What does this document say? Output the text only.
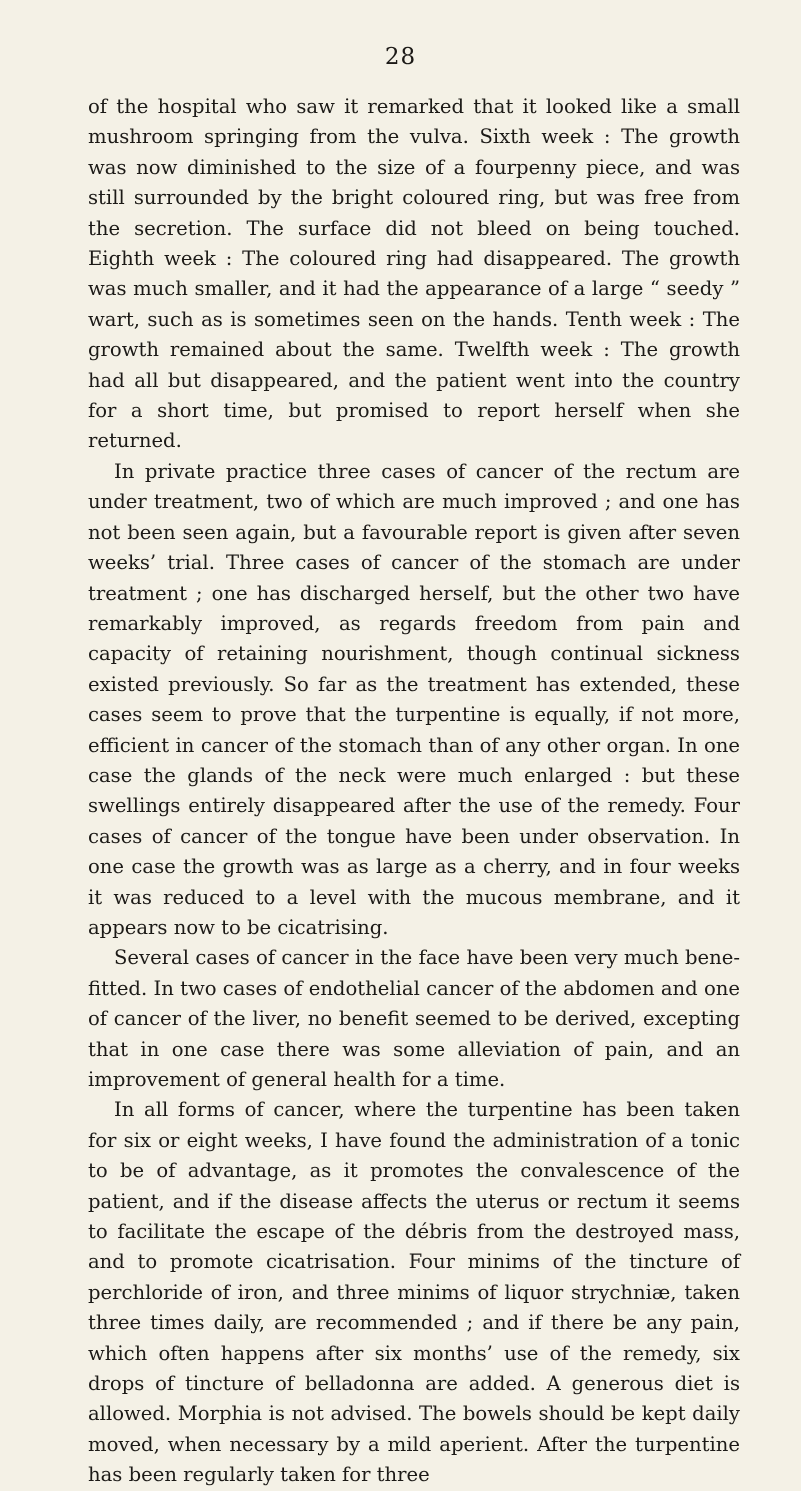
28

of the hospital who saw it remarked that it looked like a small mushroom springing from the vulva. Sixth week : The growth was now diminished to the size of a fourpenny piece, and was still surrounded by the bright coloured ring, but was free from the secretion. The surface did not bleed on being touched. Eighth week : The coloured ring had disappeared. The growth was much smaller, and it had the appearance of a large “ seedy ” wart, such as is sometimes seen on the hands. Tenth week : The growth remained about the same. Twelfth week : The growth had all but disappeared, and the patient went into the country for a short time, but promised to report herself when she returned.

In private practice three cases of cancer of the rectum are under treatment, two of which are much improved ; and one has not been seen again, but a favourable report is given after seven weeks’ trial. Three cases of cancer of the stomach are under treatment ; one has discharged herself, but the other two have remarkably improved, as regards freedom from pain and capacity of retaining nourishment, though continual sickness existed previously. So far as the treatment has extended, these cases seem to prove that the turpentine is equally, if not more, efficient in cancer of the stomach than of any other organ. In one case the glands of the neck were much enlarged : but these swellings entirely disappeared after the use of the remedy. Four cases of cancer of the tongue have been under observation. In one case the growth was as large as a cherry, and in four weeks it was reduced to a level with the mucous membrane, and it appears now to be cicatrising.

Several cases of cancer in the face have been very much benefitted. In two cases of endothelial cancer of the abdomen and one of cancer of the liver, no benefit seemed to be derived, excepting that in one case there was some alleviation of pain, and an improvement of general health for a time.

In all forms of cancer, where the turpentine has been taken for six or eight weeks, I have found the administration of a tonic to be of advantage, as it promotes the convalescence of the patient, and if the disease affects the uterus or rectum it seems to facilitate the escape of the débris from the destroyed mass, and to promote cicatrisation. Four minims of the tincture of perchloride of iron, and three minims of liquor strychniæ, taken three times daily, are recommended ; and if there be any pain, which often happens after six months’ use of the remedy, six drops of tincture of belladonna are added. A generous diet is allowed. Morphia is not advised. The bowels should be kept daily moved, when necessary by a mild aperient. After the turpentine has been regularly taken for three
